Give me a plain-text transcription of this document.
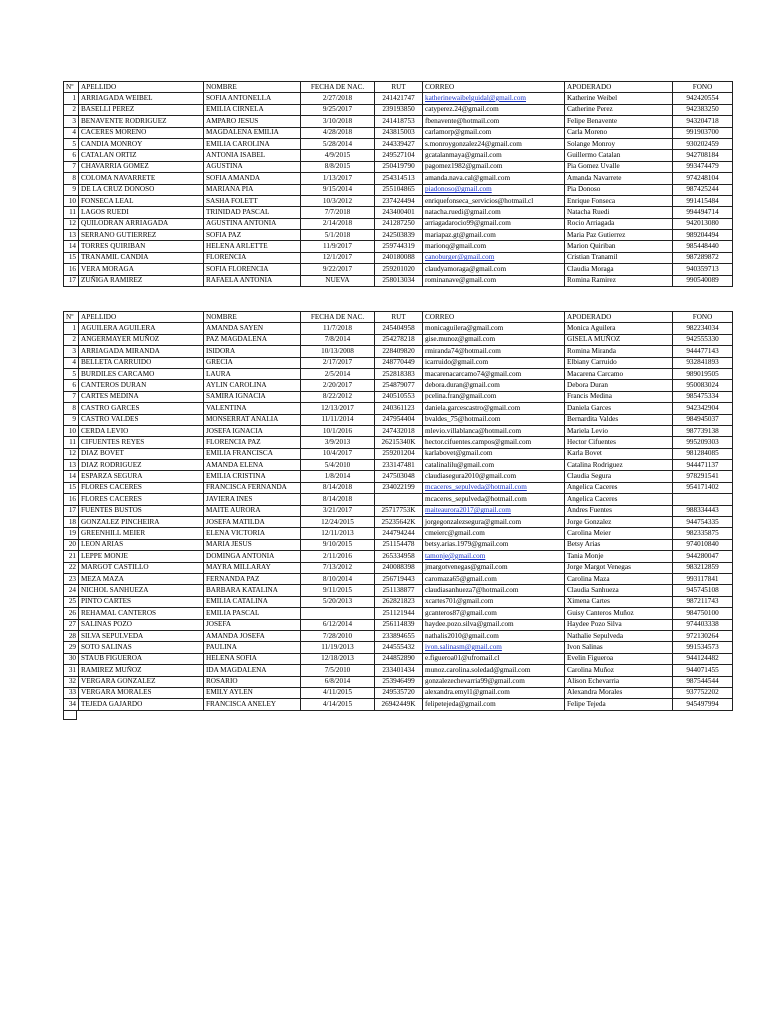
Nº	APELLIDO	NOMBRE	FECHA DE NAC.	RUT	CORREO	APODERADO	FONO
1	ARRIAGADA WEIBEL	SOFIA ANTONELLA	2/27/2018	241421747	katherinewaibelguidal@gmail.com	Katherine Weibel	942420554
2	BASELLI PEREZ	EMILIA CIRNELA	9/25/2017	239193850	catyperez.24@gmail.com	Catherine Perez	942383250
3	BENAVENTE RODRIGUEZ	AMPARO JESUS	3/10/2018	241418753	fbenavente@hotmail.com	Felipe Benavente	943204718
4	CACERES MORENO	MAGDALENA EMILIA	4/28/2018	243815003	carlamorp@gmail.com	Carla Moreno	991903700
5	CANDIA MONROY	EMILIA CAROLINA	5/28/2014	244339427	s.monroygonzalez24@gmail.com	Solange Monroy	930202459
6	CATALAN ORTIZ	ANTONIA ISABEL	4/9/2015	249527104	gcatalanmaya@gmail.com	Guillermo Catalan	942708184
7	CHAVARRIA GOMEZ	AGUSTINA	8/8/2015	250419790	pagomez1982@gmail.com	Pia Gomez Uvalle	993474479
8	COLOMA NAVARRETE	SOFIA AMANDA	1/13/2017	254314513	amanda.nava.cal@gmail.com	Amanda Navarrete	974248104
9	DE LA CRUZ DONOSO	MARIANA PIA	9/15/2014	255104865	piadonoso@gmail.com	Pia Donoso	987425244
10	FONSECA LEAL	SASHA FOLETT	10/3/2012	237424494	enriquefonseca_servicios@hotmail.cl	Enrique Fonseca	991415484
11	LAGOS RUEDI	TRINIDAD PASCAL	7/7/2018	243400401	natacha.ruedi@gmail.com	Natacha Ruedi	994494714
12	QUILODRAN ARRIAGADA	AGUSTINA ANTONIA	2/14/2018	241287250	arriagadarocio99@gmail.com	Rocio Arriagada	942013080
13	SERRANO GUTIERREZ	SOFIA PAZ	5/1/2018	242503839	mariapaz.gt@gmail.com	Maria Paz Gutierrez	989204494
14	TORRES QUIRIBAN	HELENA ARLETTE	11/9/2017	259744319	marionq@gmail.com	Marion Quiriban	985448440
15	TRANAMIL CANDIA	FLORENCIA	12/1/2017	240180088	canoburger@gmail.com	Cristian Tranamil	987289872
16	VERA MORAGA	SOFIA FLORENCIA	9/22/2017	259201020	claudyamoraga@gmail.com	Claudia Moraga	940359713
17	ZUÑIGA RAMIREZ	RAFAELA ANTONIA	NUEVA	258013034	rominanave@gmail.com	Romina Ramirez	990540089
Nº	APELLIDO	NOMBRE	FECHA DE NAC.	RUT	CORREO	APODERADO	FONO
1	AGUILERA AGUILERA	AMANDA SAYEN	11/7/2018	245404958	monicaguilera@gmail.com	Monica Aguilera	982234034
2	ANGERMAYER MUÑOZ	PAZ MAGDALENA	7/8/2014	254278218	gise.munoz@gmail.com	GISELA MUÑOZ	942555330
3	ARRIAGADA MIRANDA	ISIDORA	10/13/2008	228409820	rmiranda74@hotmail.com	Romina Miranda	944477143
4	BELLETA CARRUIDO	GRECIA	2/17/2017	248770449	icarruido@gmail.com	Elbiany Carruido	932841893
5	BURDILES CARCAMO	LAURA	2/5/2014	252818383	macarenacarcamo74@gmail.com	Macarena Carcamo	989019505
6	CANTEROS DURAN	AYLIN CAROLINA	2/20/2017	254879077	debora.duran@gmail.com	Debora Duran	950083024
7	CARTES MEDINA	SAMIRA IGNACIA	8/22/2012	240510553	pcelina.fran@gmail.com	Francis Medina	985475334
8	CASTRO GARCES	VALENTINA	12/13/2017	240361123	daniela.garcescastro@gmail.com	Daniela Garces	942342904
9	CASTRO VALDES	MONSERRAT ANALIA	11/11/2014	247954404	bvaldes_75@hotmail.com	Bernardita Valdes	984945037
10	CERDA LEVIO	JOSEFA IGNACIA	10/1/2016	247432018	mlevio.villablanca@hotmail.com	Mariela Levio	987739138
11	CIFUENTES REYES	FLORENCIA PAZ	3/9/2013	26215340K	hector.cifuentes.campos@gmail.com	Hector Cifuentes	995209303
12	DIAZ BOVET	EMILIA FRANCISCA	10/4/2017	259201204	karlabovet@gmail.com	Karla Bovet	981284085
13	DIAZ RODRIGUEZ	AMANDA ELENA	5/4/2010	233147481	catalinalilu@gmail.com	Catalina Rodriguez	944471137
14	ESPARZA SEGURA	EMILIA CRISTINA	1/8/2014	247503048	claudiasegura2010@gmail.com	Claudia Segura	978291541
15	FLORES CACERES	FRANCISCA FERNANDA	8/14/2018	234022199	mcaceres_sepulveda@hotmail.com	Angelica Caceres	954171402
16	FLORES CACERES	JAVIERA INES	8/14/2018		mcaceres_sepulveda@hotmail.com	Angelica Caceres	
17	FUENTES BUSTOS	MAITE AURORA	3/21/2017	25717753K	maiteaurora2017@gmail.com	Andres Fuentes	988334443
18	GONZALEZ PINCHEIRA	JOSEFA MATILDA	12/24/2015	25235642K	jorgegonzalezsegura@gmail.com	Jorge Gonzalez	944754335
19	GREENHILL MEIER	ELENA VICTORIA	12/11/2013	244794244	cmeierc@gmail.com	Carolina Meier	982335875
20	LEON ARIAS	MARIA JESUS	9/10/2015	251154478	betsy.arias.1979@gmail.com	Betsy Arias	974010840
21	LEPPE MONJE	DOMINGA ANTONIA	2/11/2016	265334958	tamonje@gmail.com	Tania Monje	944280047
22	MARGOT CASTILLO	MAYRA MILLARAY	7/13/2012	240088398	jmargotvenegas@gmail.com	Jorge Margot Venegas	983212859
23	MEZA MAZA	FERNANDA PAZ	8/10/2014	256719443	caromaza65@gmail.com	Carolina Maza	993117841
24	NICHOL SANHUEZA	BARBARA KATALINA	9/11/2015	251138877	claudiasanhueza7@hotmail.com	Claudia Sanhueza	945745108
25	PINTO CARTES	EMILIA CATALINA	5/20/2013	262821823	xcartes701@gmail.com	Ximena Cartes	987211743
26	REHAMAL CANTEROS	EMILIA PASCAL		251121944	gcanteros87@gmail.com	Guisy Canteros Muñoz	984750100
27	SALINAS POZO	JOSEFA	6/12/2014	256114839	haydee.pozo.silva@gmail.com	Haydee Pozo Silva	974403338
28	SILVA SEPULVEDA	AMANDA JOSEFA	7/28/2010	233894655	nathalis2010@gmail.com	Nathalie Sepulveda	972130264
29	SOTO SALINAS	PAULINA	11/19/2013	244555432	ivon.salinasm@gmail.com	Ivon Salinas	991534573
30	STAUB FIGUEROA	HELENA SOFIA	12/18/2013	244852890	e.figueroa01@ufromail.cl	Evelin Figueroa	944124482
31	RAMIREZ MUÑOZ	IDA MAGDALENA	7/5/2010	233401434	munoz.carolina.soledad@gmail.com	Carolina Muñoz	944071455
32	VERGARA GONZALEZ	ROSARIO	6/8/2014	253946499	gonzalezechevarria99@gmail.com	Alison Echevarria	987544544
33	VERGARA MORALES	EMILY AYLEN	4/11/2015	249535720	alexandra.emyl1@gmail.com	Alexandra Morales	937752202
34	TEJEDA GAJARDO	FRANCISCA ANELEY	4/14/2015	26942449K	felipetejeda@gmail.com	Felipe Tejeda	945497994
